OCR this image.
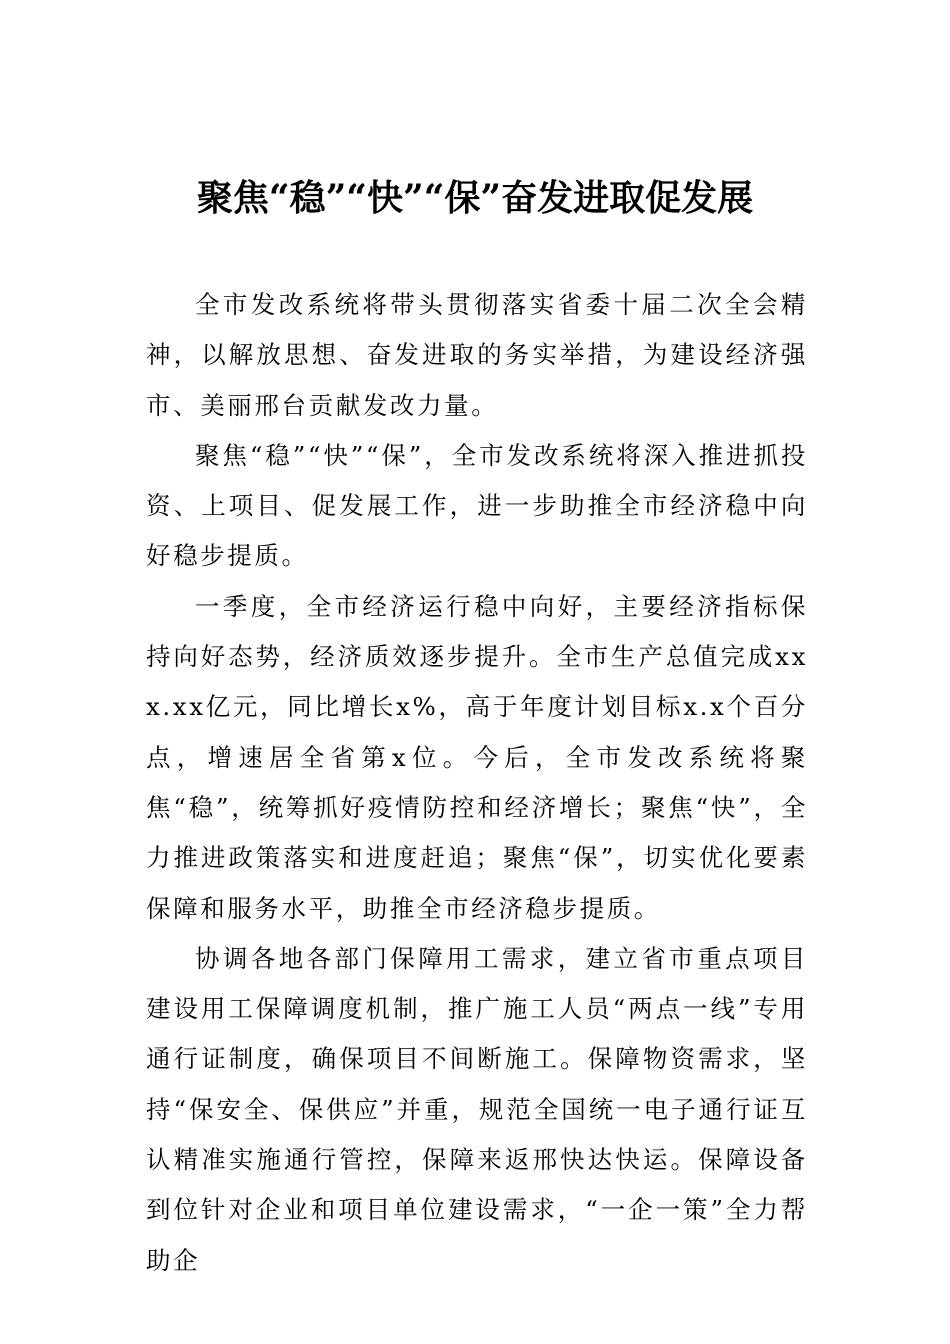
聚焦“稳”“快”“保”奋发进取促发展

全市发改系统将带头贯彻落实省委十届二次全会精神，以解放思想、奋发进取的务实举措，为建设经济强市、美丽邢台贡献发改力量。

聚焦“稳”“快”“保”，全市发改系统将深入推进抓投资、上项目、促发展工作，进一步助推全市经济稳中向好稳步提质。

一季度，全市经济运行稳中向好，主要经济指标保持向好态势，经济质效逐步提升。全市生产总值完成xxx.xx亿元，同比增长x%，高于年度计划目标x.x个百分点，增速居全省第x位。今后，全市发改系统将聚焦“稳”，统筹抓好疫情防控和经济增长；聚焦“快”，全力推进政策落实和进度赶追；聚焦“保”，切实优化要素保障和服务水平，助推全市经济稳步提质。

协调各地各部门保障用工需求，建立省市重点项目建设用工保障调度机制，推广施工人员“两点一线”专用通行证制度，确保项目不间断施工。保障物资需求，坚持“保安全、保供应”并重，规范全国统一电子通行证互认精准实施通行管控，保障来返邢快达快运。保障设备到位针对企业和项目单位建设需求，“一企一策”全力帮助企
